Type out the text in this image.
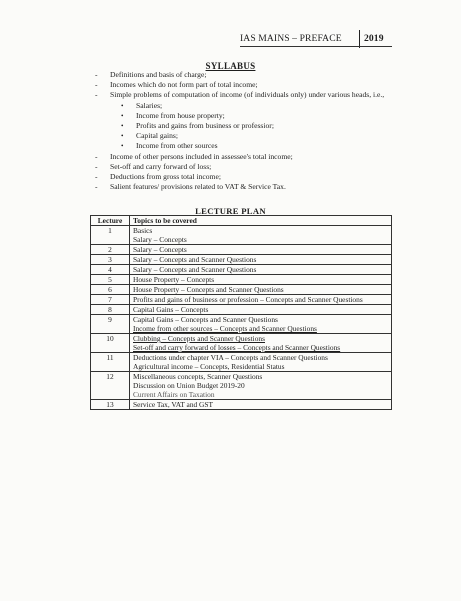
IAS MAINS – PREFACE 2019
SYLLABUS
- Definitions and basis of charge;
- Incomes which do not form part of total income;
- Simple problems of computation of income (of individuals only) under various heads, i.e.,
• Salaries;
• Income from house property;
• Profits and gains from business or professior;
• Capital gains;
• Income from other sources
- Income of other persons included in assessee's total income;
- Set-off and carry forward of loss;
- Deductions from gross total income;
- Salient features/ provisions related to VAT & Service Tax.
LECTURE PLAN
Lecture	Topics to be covered
1	Basics
Salary – Concepts

2	Salary – Concepts

3	Salary – Concepts and Scanner Questions

4	Salary – Concepts and Scanner Questions

5	House Property – Concepts

6	House Property – Concepts and Scanner Questions

7	Profits and gains of business or profession – Concepts and Scanner Questions

8	Capital Gains – Concepts

9	Capital Gains – Concepts and Scanner Questions
Income from other sources – Concepts and Scanner Questions

10	Clubbing – Concepts and Scanner Questions
Set-off and carry forward of losses – Concepts and Scanner Questions

11	Deductions under chapter VIA – Concepts and Scanner Questions
Agricultural income – Concepts, Residential Status

12	Miscellaneous concepts, Scanner Questions
Discussion on Union Budget 2019-20
Current Affairs on Taxation

13	Service Tax, VAT and GST
